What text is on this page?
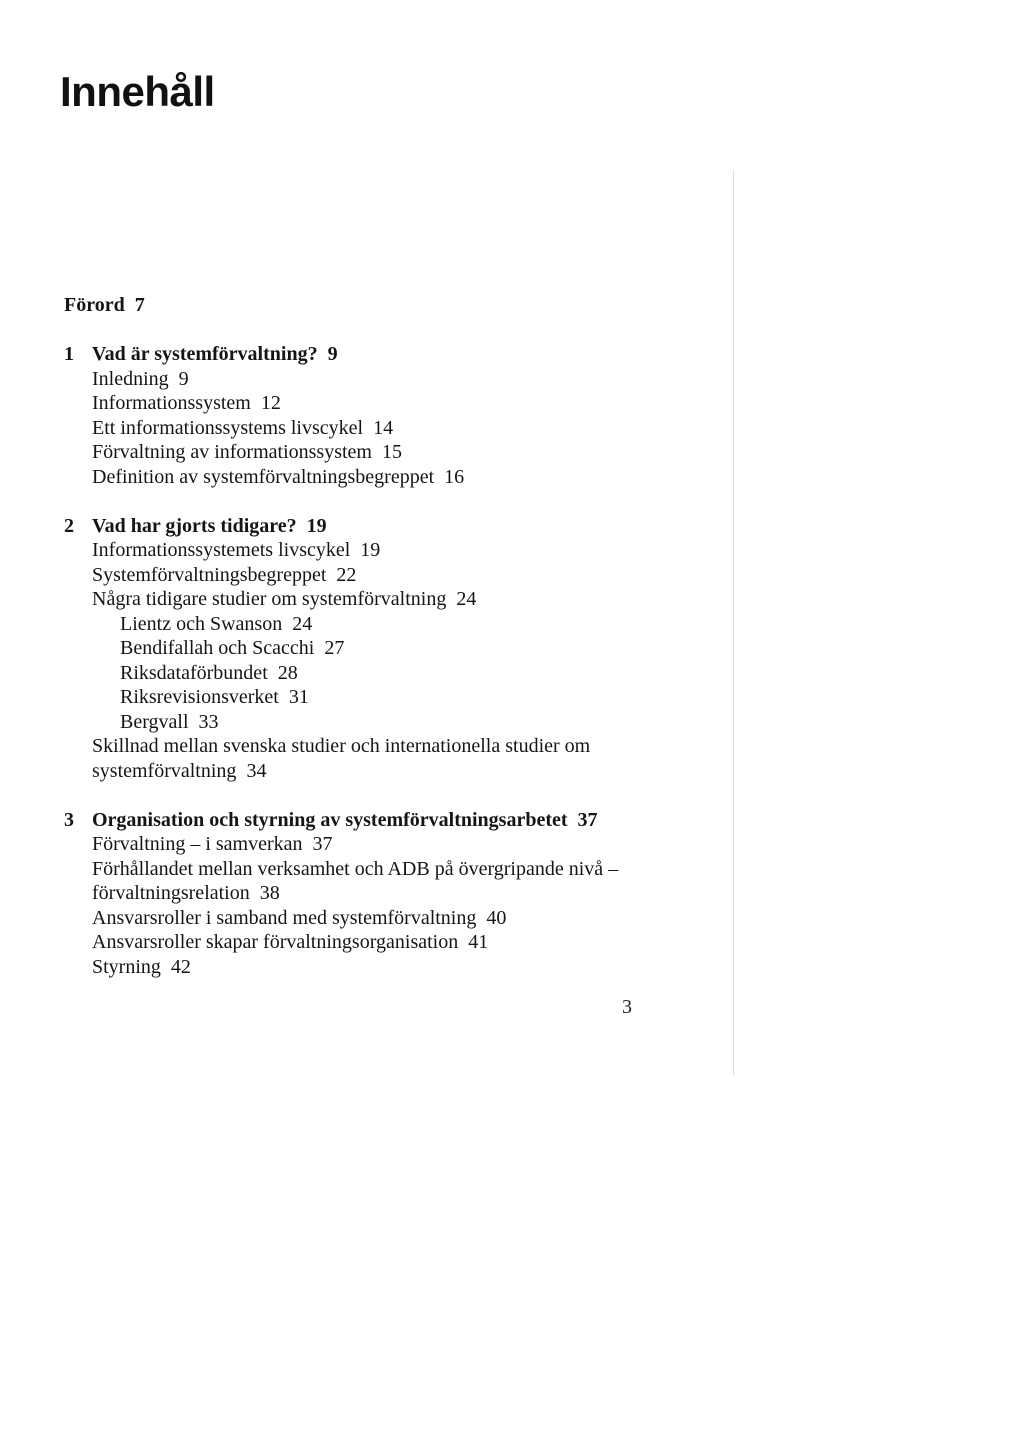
Innehåll
Förord 7
1 Vad är systemförvaltning? 9
Inledning 9
Informationssystem 12
Ett informationssystems livscykel 14
Förvaltning av informationssystem 15
Definition av systemförvaltningsbegreppet 16
2 Vad har gjorts tidigare? 19
Informationssystemets livscykel 19
Systemförvaltningsbegreppet 22
Några tidigare studier om systemförvaltning 24
Lientz och Swanson 24
Bendifallah och Scacchi 27
Riksdataförbundet 28
Riksrevisionsverket 31
Bergvall 33
Skillnad mellan svenska studier och internationella studier om systemförvaltning 34
3 Organisation och styrning av systemförvaltningsarbetet 37
Förvaltning – i samverkan 37
Förhållandet mellan verksamhet och ADB på övergripande nivå – förvaltningsrelation 38
Ansvarsroller i samband med systemförvaltning 40
Ansvarsroller skapar förvaltningsorganisation 41
Styrning 42
3
